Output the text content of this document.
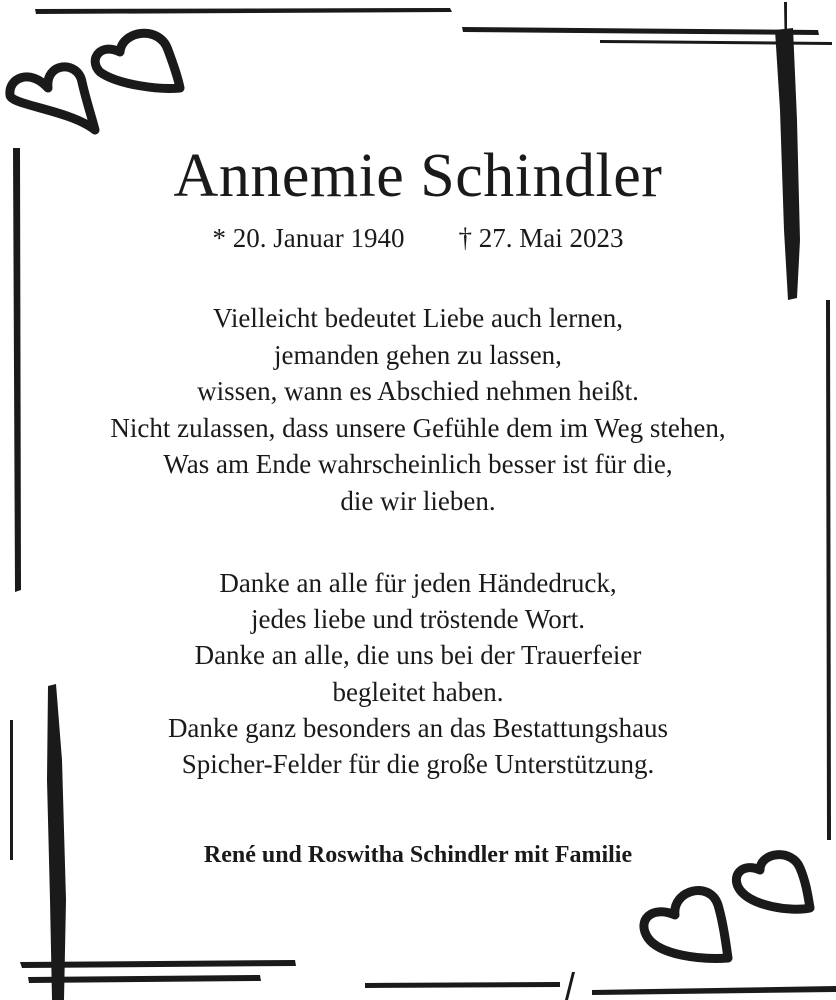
Annemie Schindler
* 20. Januar 1940 † 27. Mai 2023
Vielleicht bedeutet Liebe auch lernen,
jemanden gehen zu lassen,
wissen, wann es Abschied nehmen heißt.
Nicht zulassen, dass unsere Gefühle dem im Weg stehen,
Was am Ende wahrscheinlich besser ist für die,
die wir lieben.
Danke an alle für jeden Händedruck,
jedes liebe und tröstende Wort.
Danke an alle, die uns bei der Trauerfeier
begleitet haben.
Danke ganz besonders an das Bestattungshaus
Spicher-Felder für die große Unterstützung.
René und Roswitha Schindler mit Familie
